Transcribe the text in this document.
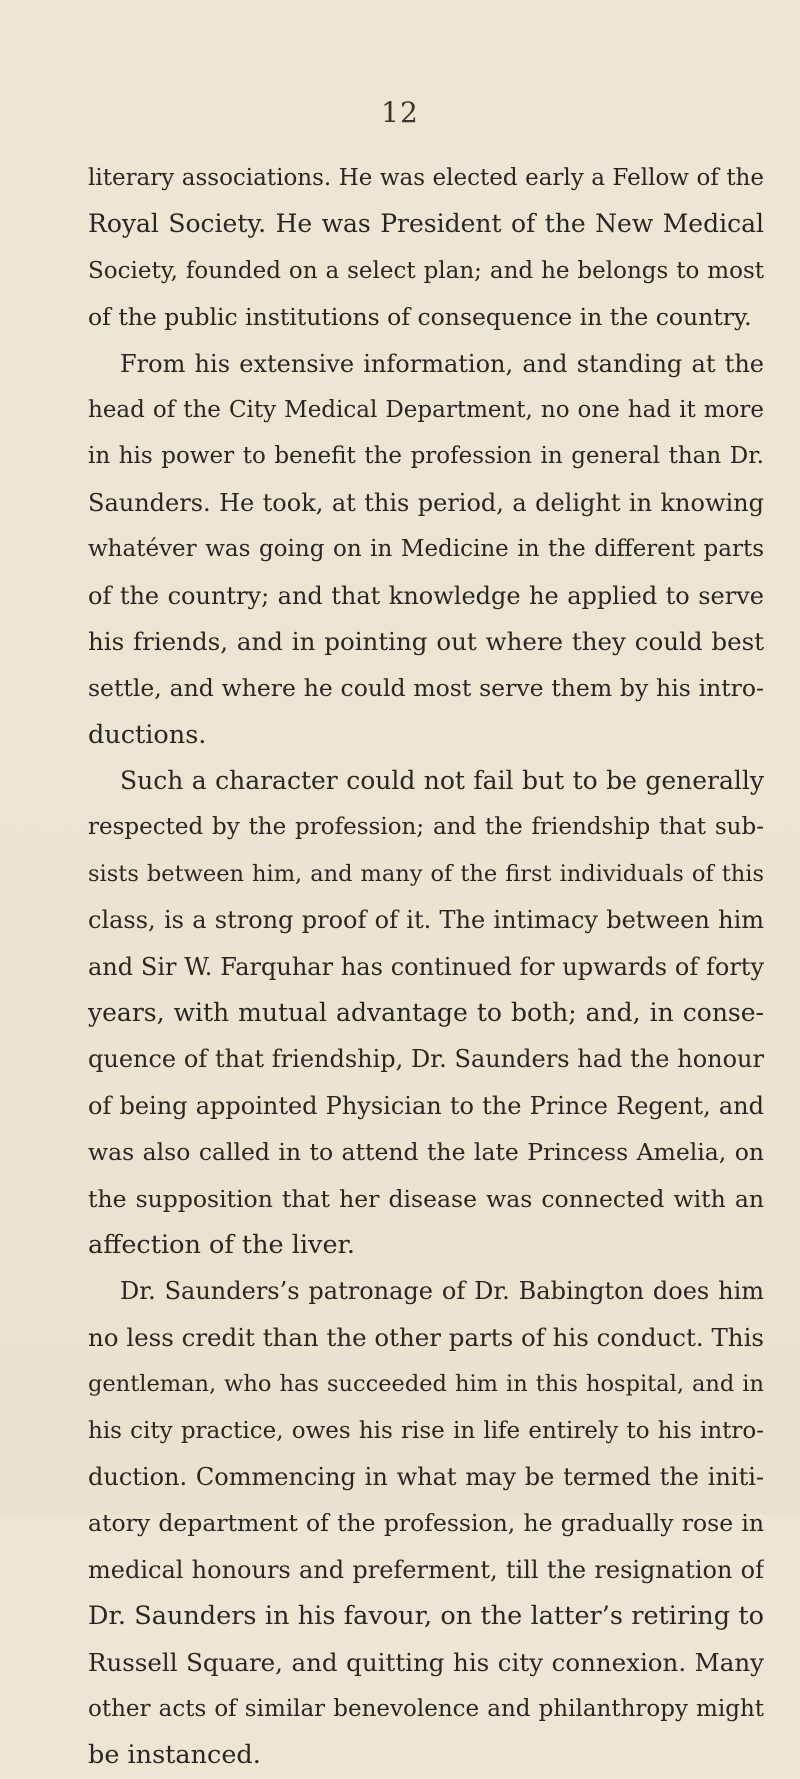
12
literary associations. He was elected early a Fellow of the
Royal Society. He was President of the New Medical
Society, founded on a select plan; and he belongs to most
of the public institutions of consequence in the country.
From his extensive information, and standing at the
head of the City Medical Department, no one had it more
in his power to benefit the profession in general than Dr.
Saunders. He took, at this period, a delight in knowing
whatéver was going on in Medicine in the different parts
of the country; and that knowledge he applied to serve
his friends, and in pointing out where they could best
settle, and where he could most serve them by his intro-
ductions.
Such a character could not fail but to be generally
respected by the profession; and the friendship that sub-
sists between him, and many of the first individuals of this
class, is a strong proof of it. The intimacy between him
and Sir W. Farquhar has continued for upwards of forty
years, with mutual advantage to both; and, in conse-
quence of that friendship, Dr. Saunders had the honour
of being appointed Physician to the Prince Regent, and
was also called in to attend the late Princess Amelia, on
the supposition that her disease was connected with an
affection of the liver.
Dr. Saunders’s patronage of Dr. Babington does him
no less credit than the other parts of his conduct. This
gentleman, who has succeeded him in this hospital, and in
his city practice, owes his rise in life entirely to his intro-
duction. Commencing in what may be termed the initi-
atory department of the profession, he gradually rose in
medical honours and preferment, till the resignation of
Dr. Saunders in his favour, on the latter’s retiring to
Russell Square, and quitting his city connexion. Many
other acts of similar benevolence and philanthropy might
be instanced.
